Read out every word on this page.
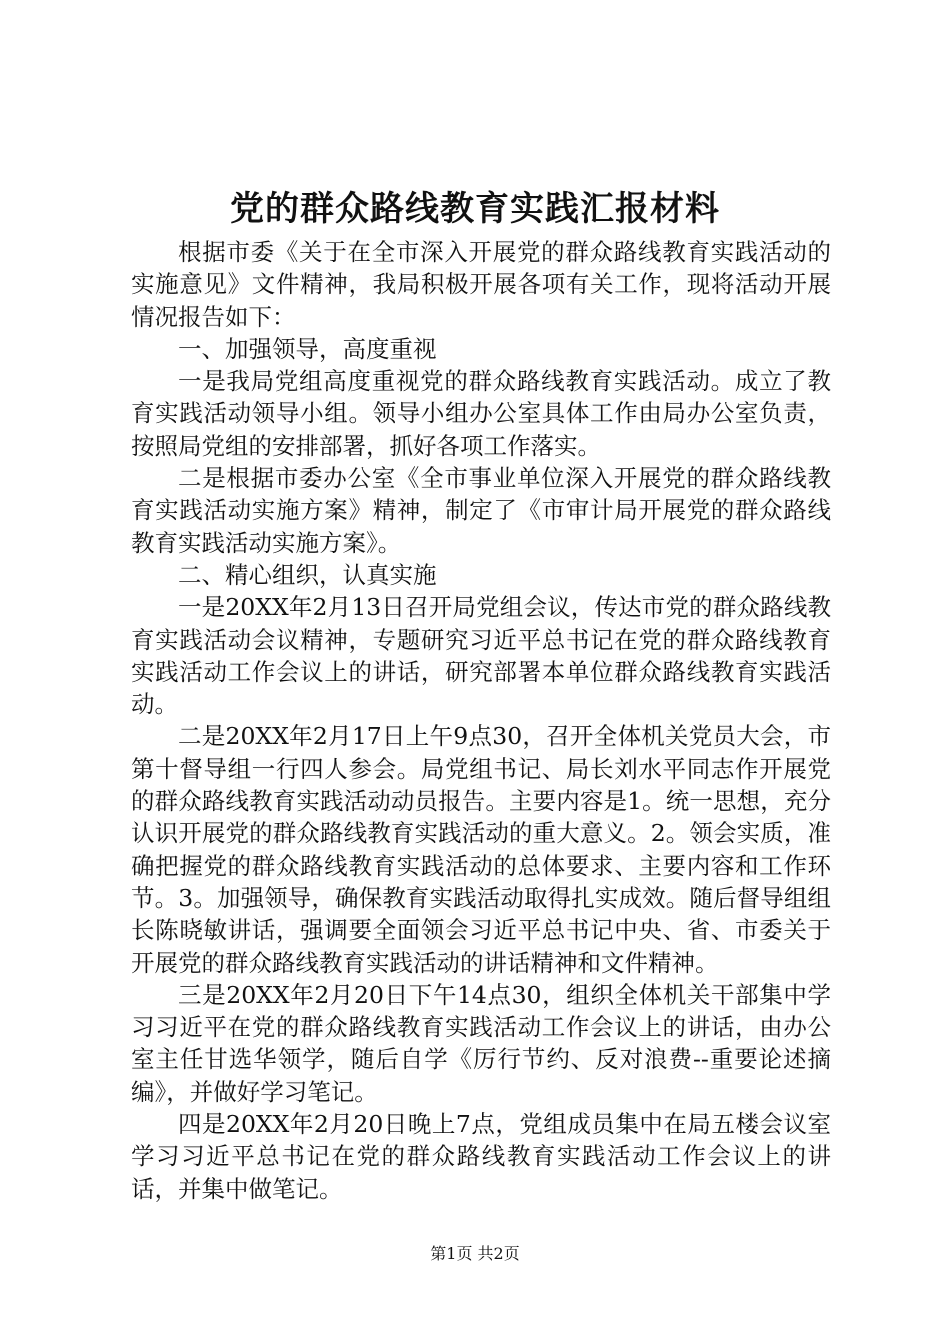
党的群众路线教育实践汇报材料

根据市委《关于在全市深入开展党的群众路线教育实践活动的实施意见》文件精神，我局积极开展各项有关工作，现将活动开展情况报告如下：

一、加强领导，高度重视

一是我局党组高度重视党的群众路线教育实践活动。成立了教育实践活动领导小组。领导小组办公室具体工作由局办公室负责，按照局党组的安排部署，抓好各项工作落实。

二是根据市委办公室《全市事业单位深入开展党的群众路线教育实践活动实施方案》精神，制定了《市审计局开展党的群众路线教育实践活动实施方案》。

二、精心组织，认真实施

一是20XX年2月13日召开局党组会议，传达市党的群众路线教育实践活动会议精神，专题研究习近平总书记在党的群众路线教育实践活动工作会议上的讲话，研究部署本单位群众路线教育实践活动。

二是20XX年2月17日上午9点30，召开全体机关党员大会，市第十督导组一行四人参会。局党组书记、局长刘水平同志作开展党的群众路线教育实践活动动员报告。主要内容是1。统一思想，充分认识开展党的群众路线教育实践活动的重大意义。2。领会实质，准确把握党的群众路线教育实践活动的总体要求、主要内容和工作环节。3。加强领导，确保教育实践活动取得扎实成效。随后督导组组长陈晓敏讲话，强调要全面领会习近平总书记中央、省、市委关于开展党的群众路线教育实践活动的讲话精神和文件精神。

三是20XX年2月20日下午14点30，组织全体机关干部集中学习习近平在党的群众路线教育实践活动工作会议上的讲话，由办公室主任甘选华领学，随后自学《厉行节约、反对浪费--重要论述摘编》，并做好学习笔记。

四是20XX年2月20日晚上7点，党组成员集中在局五楼会议室学习习近平总书记在党的群众路线教育实践活动工作会议上的讲话，并集中做笔记。

第1页 共2页
